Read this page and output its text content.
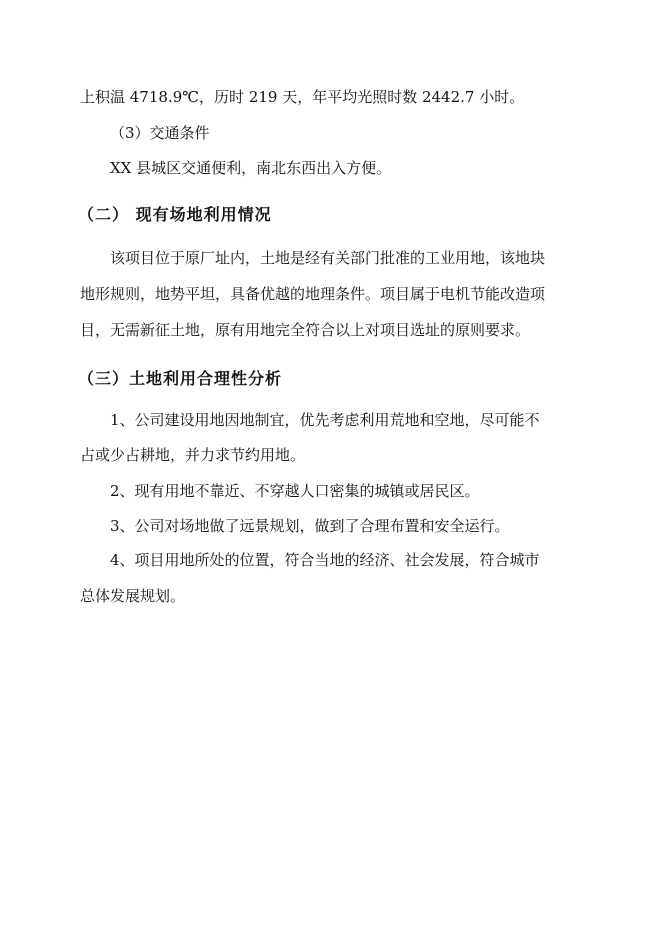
上积温 4718.9℃，历时 219 天，年平均光照时数 2442.7 小时。
（3）交通条件
XX 县城区交通便利，南北东西出入方便。
（二） 现有场地利用情况
该项目位于原厂址内，土地是经有关部门批准的工业用地，该地块
地形规则，地势平坦，具备优越的地理条件。项目属于电机节能改造项
目，无需新征土地，原有用地完全符合以上对项目选址的原则要求。
（三）土地利用合理性分析
1、公司建设用地因地制宜，优先考虑利用荒地和空地，尽可能不
占或少占耕地，并力求节约用地。
2、现有用地不靠近、不穿越人口密集的城镇或居民区。
3、公司对场地做了远景规划，做到了合理布置和安全运行。
4、项目用地所处的位置，符合当地的经济、社会发展，符合城市
总体发展规划。
